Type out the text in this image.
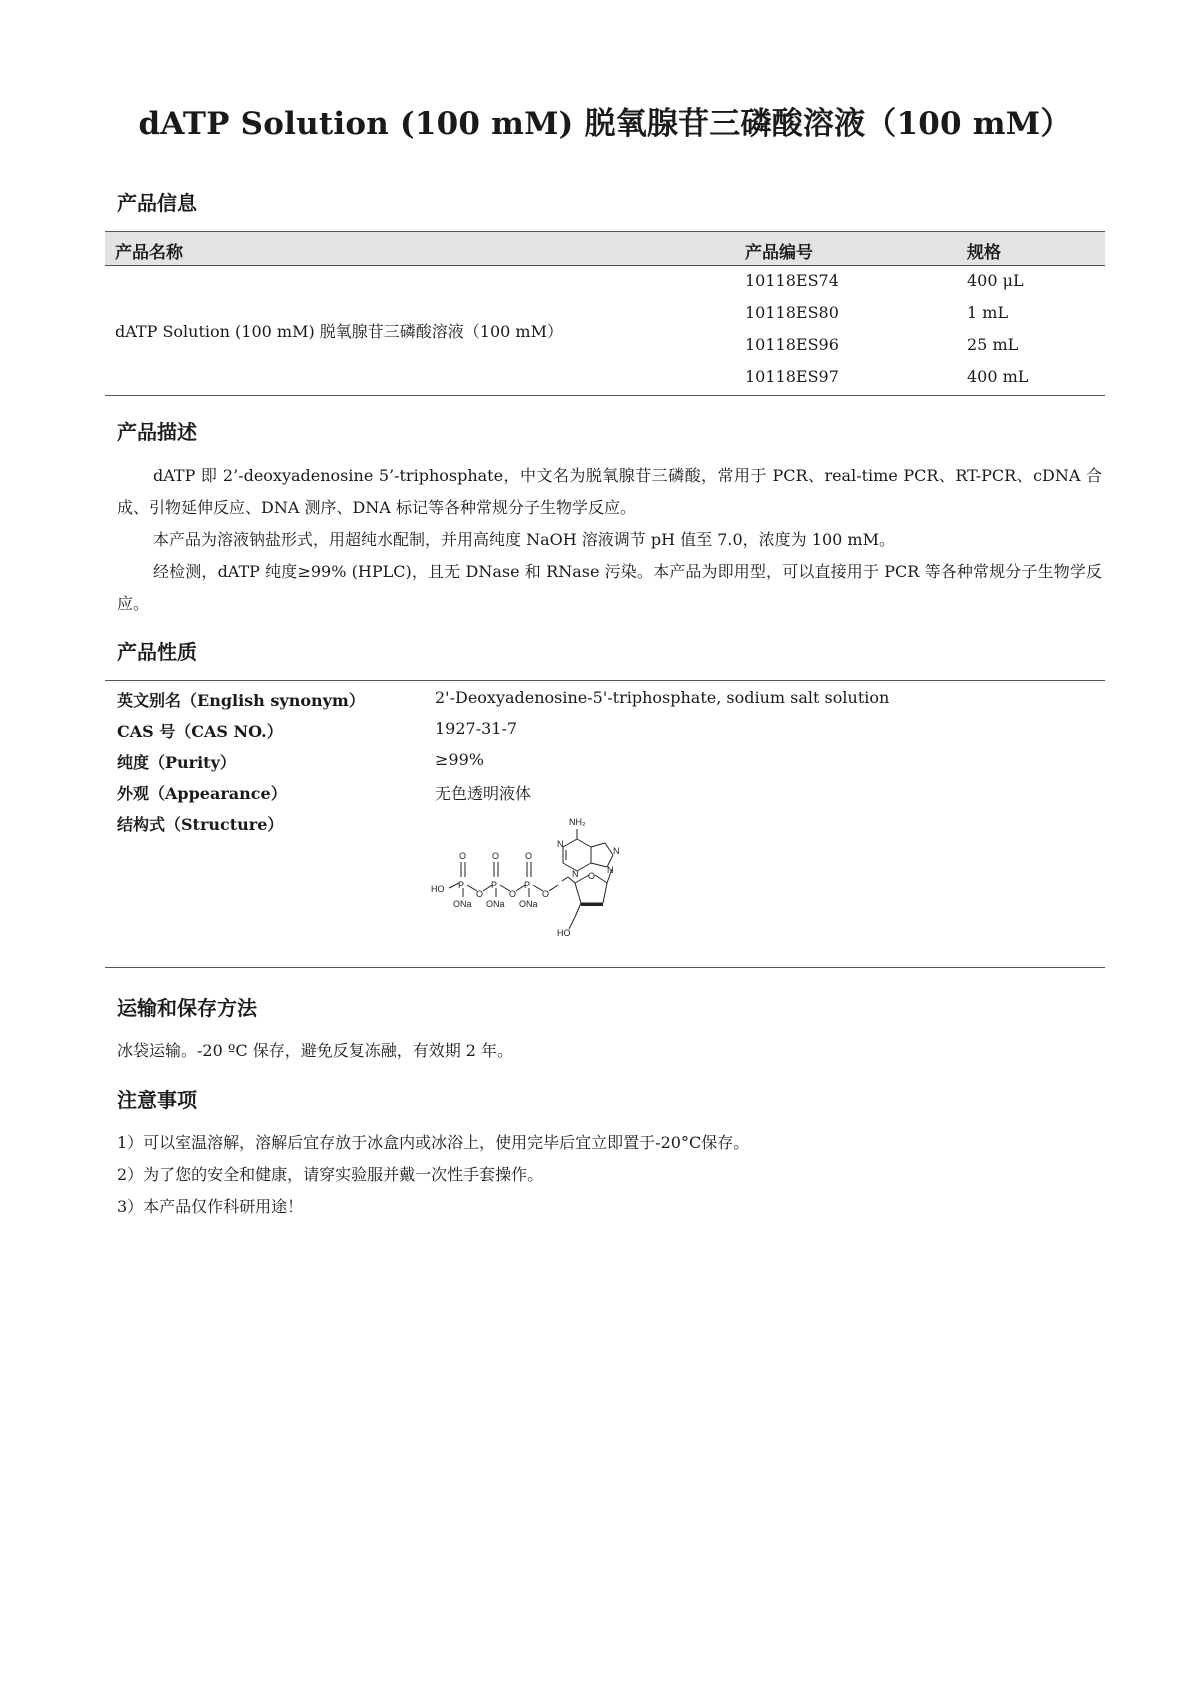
dATP Solution (100 mM) 脱氧腺苷三磷酸溶液（100 mM）
产品信息
产品名称	产品编号	规格
dATP Solution (100 mM) 脱氧腺苷三磷酸溶液（100 mM）
10118ES74	400 μL
10118ES80	1 mL
10118ES96	25 mL
10118ES97	400 mL
产品描述
dATP 即 2’-deoxyadenosine 5’-triphosphate，中文名为脱氧腺苷三磷酸，常用于 PCR、real-time PCR、RT-PCR、cDNA 合成、引物延伸反应、DNA 测序、DNA 标记等各种常规分子生物学反应。
本产品为溶液钠盐形式，用超纯水配制，并用高纯度 NaOH 溶液调节 pH 值至 7.0，浓度为 100 mM。
经检测，dATP 纯度≥99% (HPLC)，且无 DNase 和 RNase 污染。本产品为即用型，可以直接用于 PCR 等各种常规分子生物学反应。
产品性质
英文别名（English synonym）	2'-Deoxyadenosine-5'-triphosphate, sodium salt solution
CAS 号（CAS NO.）	1927-31-7
纯度（Purity）	≥99%
外观（Appearance）	无色透明液体
结构式（Structure）
HO P	P	P
O	O	O
O	O	O
ONa ONa ONa
O
HO
NH₂
N
N
N
N
运输和保存方法
冰袋运输。-20 ºC 保存，避免反复冻融，有效期 2 年。
注意事项
1）可以室温溶解，溶解后宜存放于冰盒内或冰浴上，使用完毕后宜立即置于-20°C保存。
2）为了您的安全和健康，请穿实验服并戴一次性手套操作。
3）本产品仅作科研用途！
